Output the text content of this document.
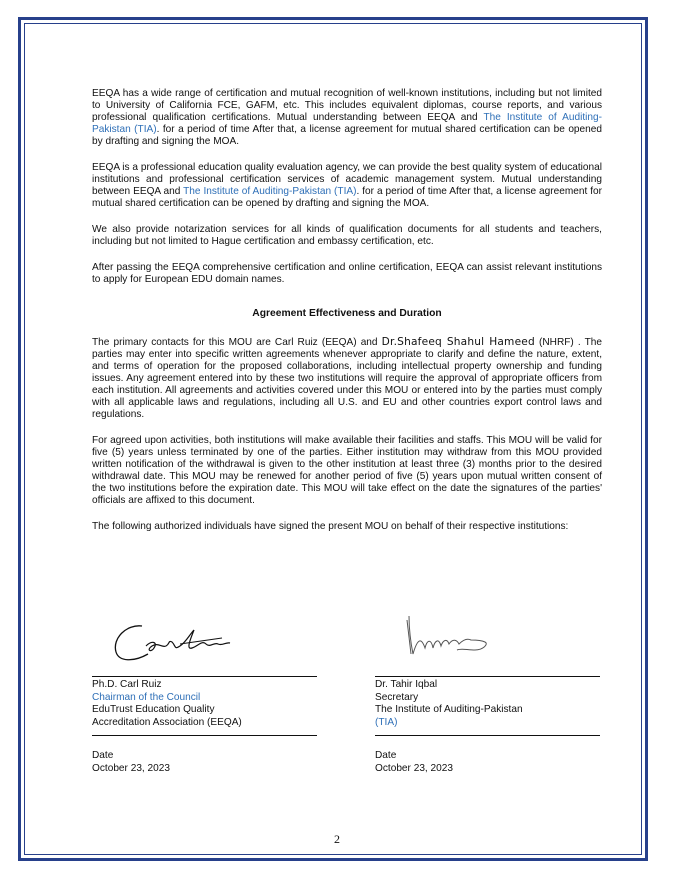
EEQA has a wide range of certification and mutual recognition of well-known institutions, including but not limited to University of California FCE, GAFM, etc. This includes equivalent diplomas, course reports, and various professional qualification certifications. Mutual understanding between EEQA and The Institute of Auditing-Pakistan (TIA). for a period of time After that, a license agreement for mutual shared certification can be opened by drafting and signing the MOA.

EEQA is a professional education quality evaluation agency, we can provide the best quality system of educational institutions and professional certification services of academic management system. Mutual understanding between EEQA and The Institute of Auditing-Pakistan (TIA). for a period of time After that, a license agreement for mutual shared certification can be opened by drafting and signing the MOA.

We also provide notarization services for all kinds of qualification documents for all students and teachers, including but not limited to Hague certification and embassy certification, etc.

After passing the EEQA comprehensive certification and online certification, EEQA can assist relevant institutions to apply for European EDU domain names.

Agreement Effectiveness and Duration

The primary contacts for this MOU are Carl Ruiz (EEQA) and Dr.Shafeeq Shahul Hameed (NHRF) . The parties may enter into specific written agreements whenever appropriate to clarify and define the nature, extent, and terms of operation for the proposed collaborations, including intellectual property ownership and funding issues. Any agreement entered into by these two institutions will require the approval of appropriate officers from each institution. All agreements and activities covered under this MOU or entered into by the parties must comply with all applicable laws and regulations, including all U.S. and EU and other countries export control laws and regulations.

For agreed upon activities, both institutions will make available their facilities and staffs. This MOU will be valid for five (5) years unless terminated by one of the parties. Either institution may withdraw from this MOU provided written notification of the withdrawal is given to the other institution at least three (3) months prior to the desired withdrawal date. This MOU may be renewed for another period of five (5) years upon mutual written consent of the two institutions before the expiration date. This MOU will take effect on the date the signatures of the parties' officials are affixed to this document.

The following authorized individuals have signed the present MOU on behalf of their respective institutions:

Ph.D. Carl Ruiz
Chairman of the Council
EduTrust Education Quality
Accreditation Association (EEQA)
Dr. Tahir Iqbal
Secretary
The Institute of Auditing-Pakistan
(TIA)
Date
October 23, 2023
Date
October 23, 2023
2
